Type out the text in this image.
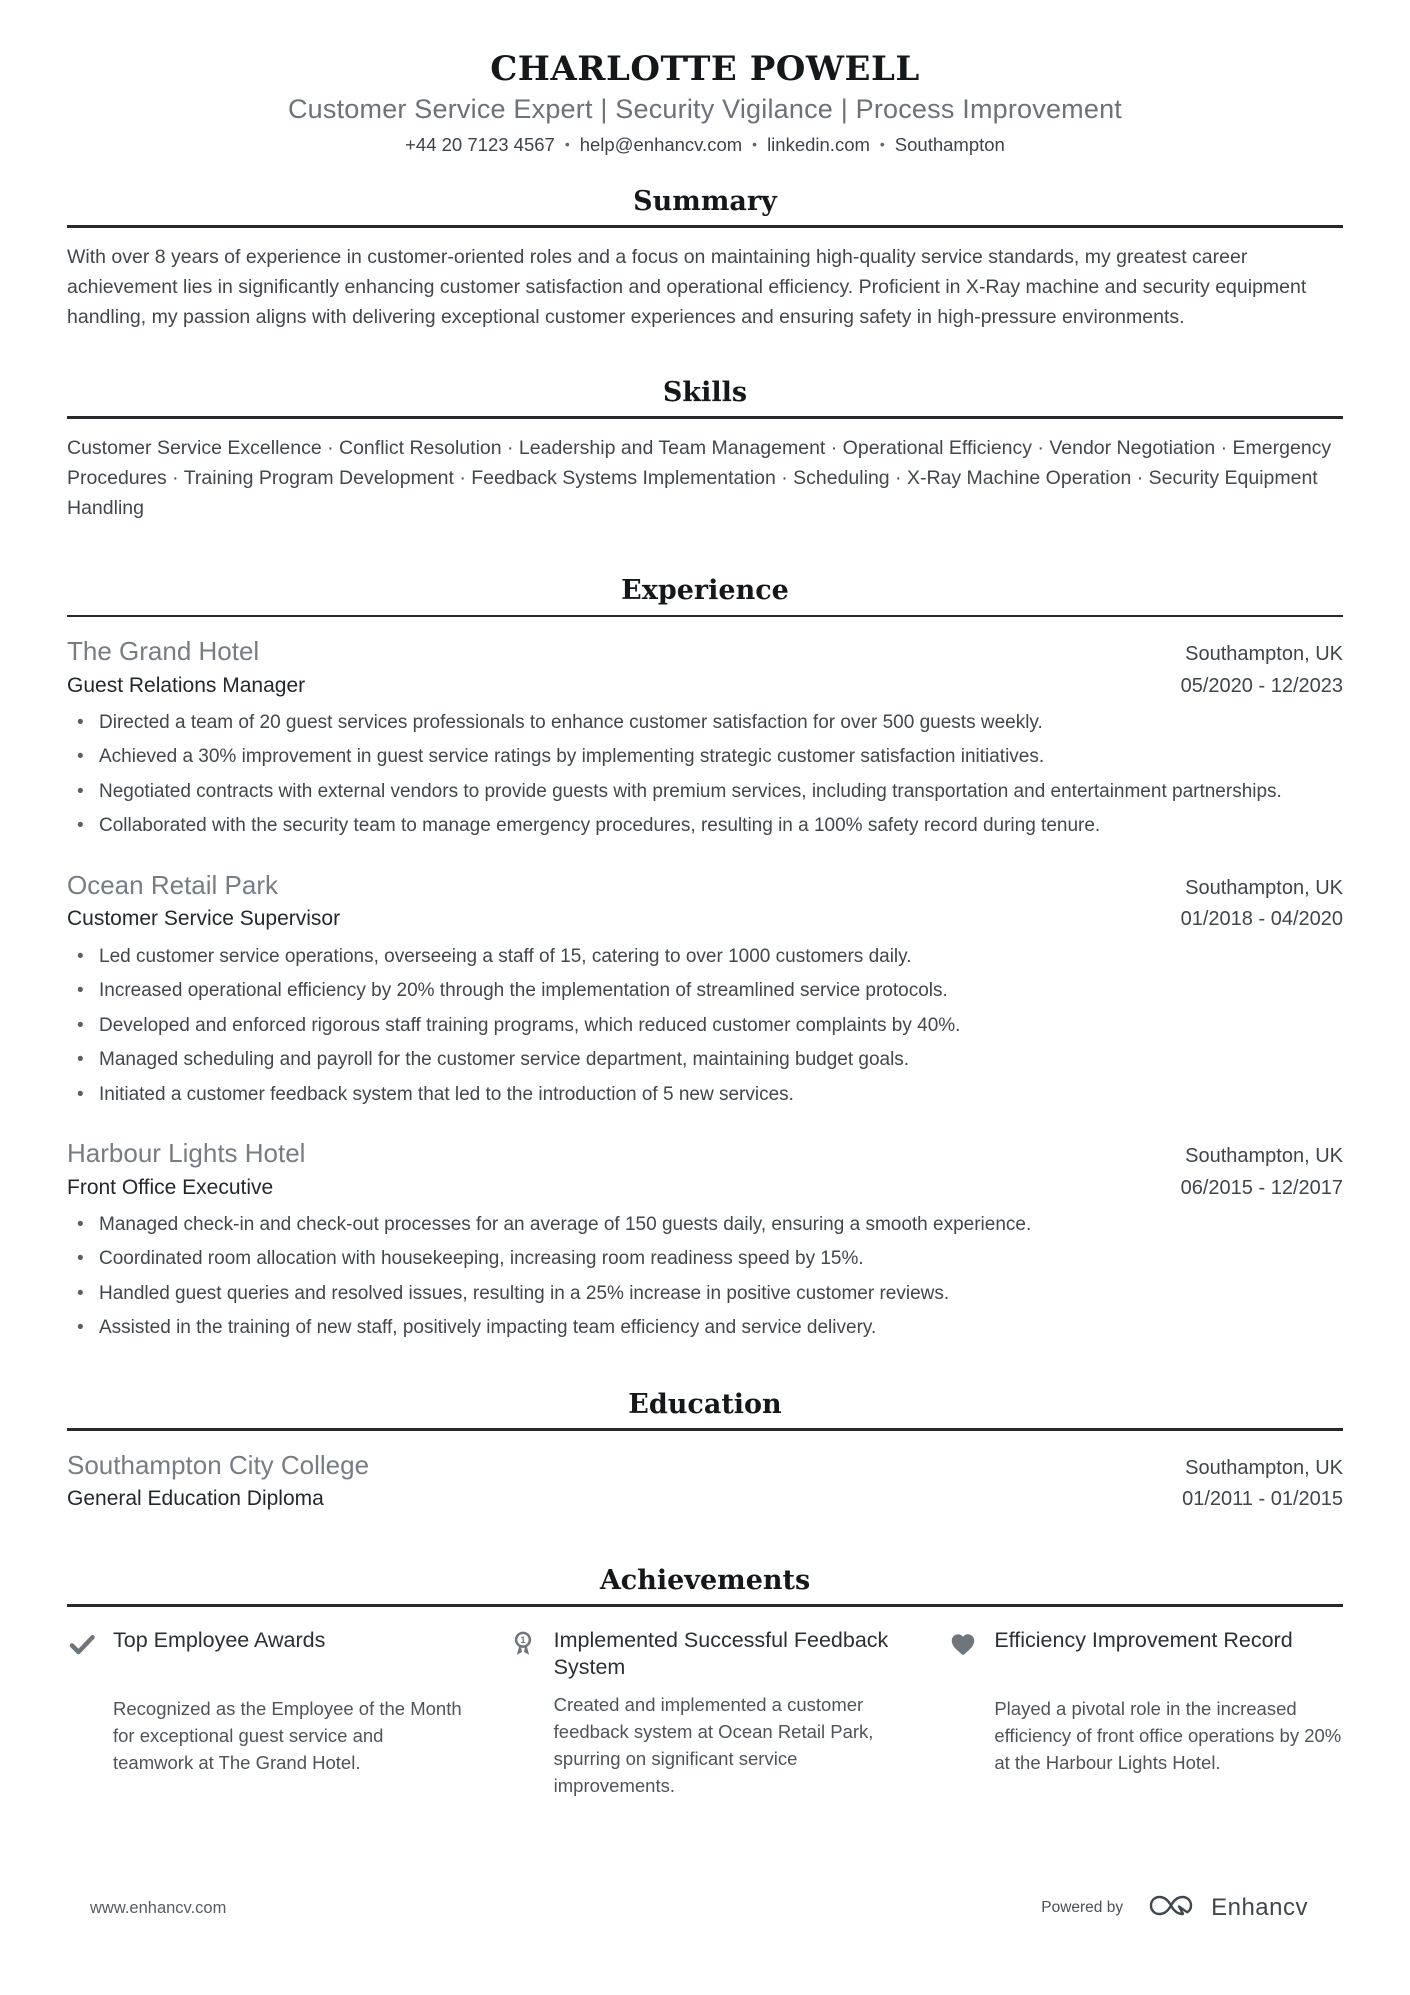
CHARLOTTE POWELL
Customer Service Expert | Security Vigilance | Process Improvement
+44 20 7123 4567 • help@enhancv.com • linkedin.com • Southampton
Summary

With over 8 years of experience in customer-oriented roles and a focus on maintaining high-quality service standards, my greatest career achievement lies in significantly enhancing customer satisfaction and operational efficiency. Proficient in X-Ray machine and security equipment handling, my passion aligns with delivering exceptional customer experiences and ensuring safety in high-pressure environments.

Skills

Customer Service Excellence · Conflict Resolution · Leadership and Team Management · Operational Efficiency · Vendor Negotiation · Emergency Procedures · Training Program Development · Feedback Systems Implementation · Scheduling · X-Ray Machine Operation · Security Equipment Handling

Experience
The Grand Hotel	Southampton, UK
Guest Relations Manager	05/2020 - 12/2023
• Directed a team of 20 guest services professionals to enhance customer satisfaction for over 500 guests weekly.
• Achieved a 30% improvement in guest service ratings by implementing strategic customer satisfaction initiatives.
• Negotiated contracts with external vendors to provide guests with premium services, including transportation and entertainment partnerships.
• Collaborated with the security team to manage emergency procedures, resulting in a 100% safety record during tenure.
Ocean Retail Park	Southampton, UK
Customer Service Supervisor	01/2018 - 04/2020
• Led customer service operations, overseeing a staff of 15, catering to over 1000 customers daily.
• Increased operational efficiency by 20% through the implementation of streamlined service protocols.
• Developed and enforced rigorous staff training programs, which reduced customer complaints by 40%.
• Managed scheduling and payroll for the customer service department, maintaining budget goals.
• Initiated a customer feedback system that led to the introduction of 5 new services.
Harbour Lights Hotel	Southampton, UK
Front Office Executive	06/2015 - 12/2017
• Managed check-in and check-out processes for an average of 150 guests daily, ensuring a smooth experience.
• Coordinated room allocation with housekeeping, increasing room readiness speed by 15%.
• Handled guest queries and resolved issues, resulting in a 25% increase in positive customer reviews.
• Assisted in the training of new staff, positively impacting team efficiency and service delivery.
Education
Southampton City College	Southampton, UK
General Education Diploma	01/2011 - 01/2015
Achievements
Top Employee Awards
Recognized as the Employee of the Month for exceptional guest service and teamwork at The Grand Hotel.
1 Implemented Successful Feedback System
Created and implemented a customer feedback system at Ocean Retail Park, spurring on significant service improvements.
Efficiency Improvement Record
Played a pivotal role in the increased efficiency of front office operations by 20% at the Harbour Lights Hotel.
www.enhancv.com	Powered by	Enhancv
